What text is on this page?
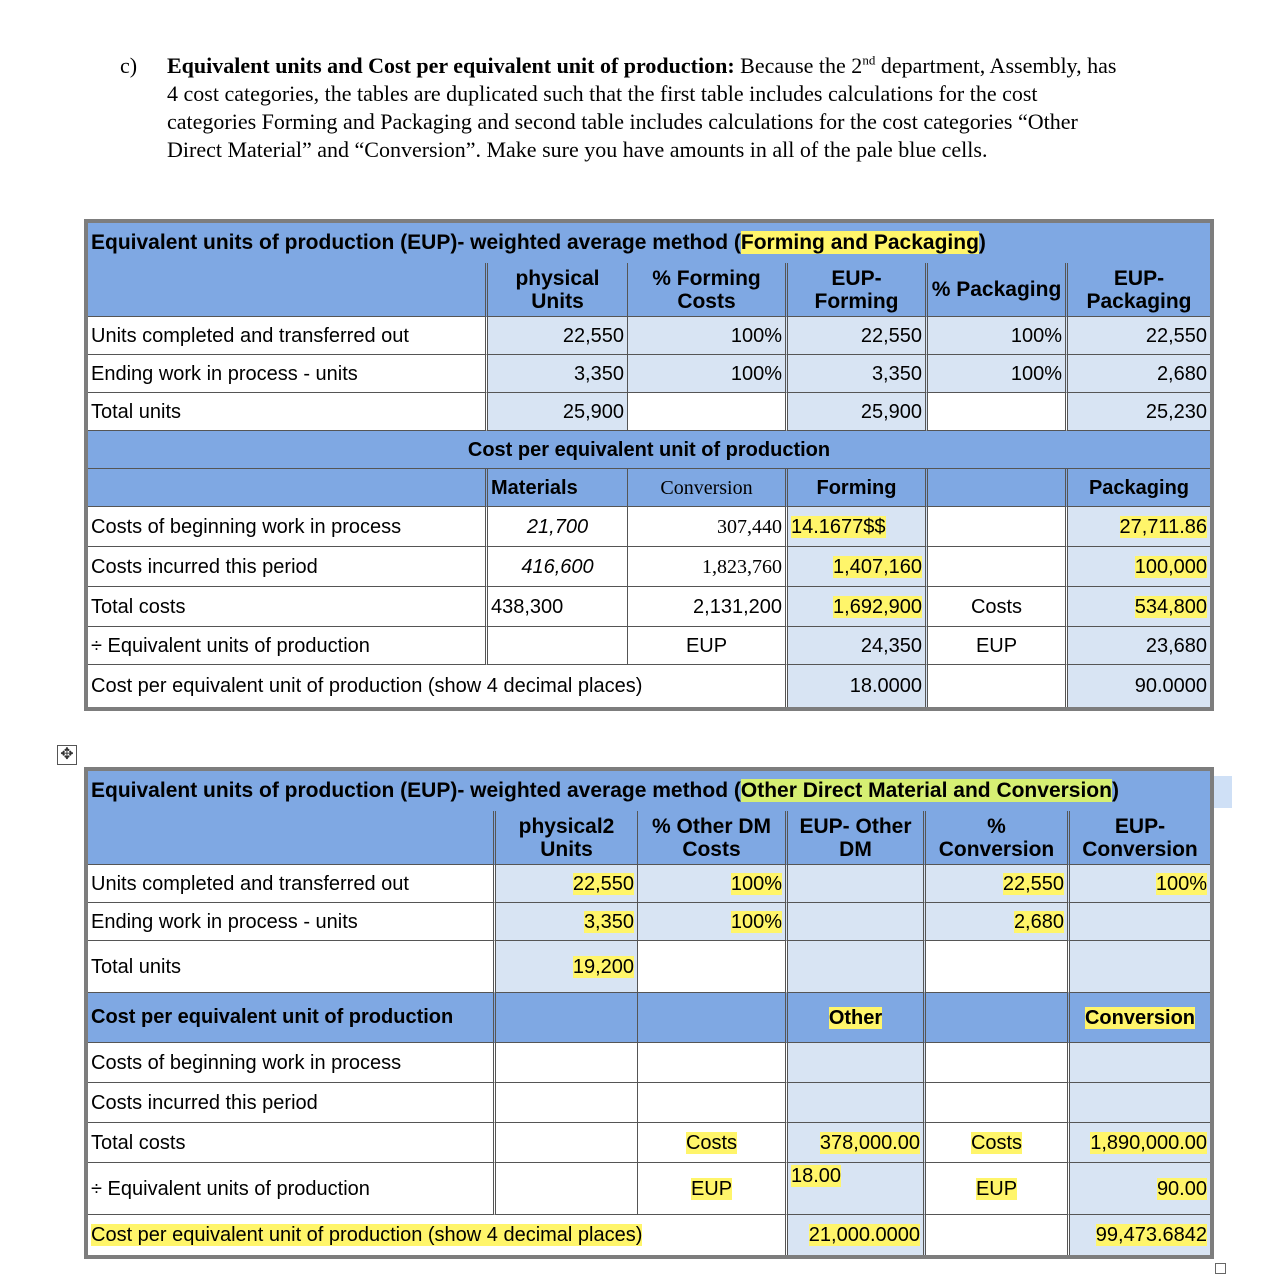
c) Equivalent units and Cost per equivalent unit of production: Because the 2nd department, Assembly, has 4 cost categories, the tables are duplicated such that the first table includes calculations for the cost categories Forming and Packaging and second table includes calculations for the cost categories “Other Direct Material” and “Conversion”. Make sure you have amounts in all of the pale blue cells.
Equivalent units of production (EUP)- weighted average method (Forming and Packaging)					
	physical Units	% Forming Costs	EUP- Forming	% Packaging	EUP- Packaging
Units completed and transferred out	22,550	100%	22,550	100%	22,550
Ending work in process - units	3,350	100%	3,350	100%	2,680
Total units	25,900		25,900		25,230
Cost per equivalent unit of production					
	Materials	Conversion	Forming		Packaging
Costs of beginning work in process	21,700	307,440	14.1677$$		27,711.86
Costs incurred this period	416,600	1,823,760	1,407,160		100,000
Total costs	438,300	2,131,200	1,692,900	Costs	534,800
÷ Equivalent units of production		EUP	24,350	EUP	23,680
Cost per equivalent unit of production (show 4 decimal places)			18.0000		90.0000
✥
Equivalent units of production (EUP)- weighted average method (Other Direct Material and Conversion)					
	physical2 Units	% Other DM Costs	EUP- Other DM	% Conversion	EUP- Conversion
Units completed and transferred out	22,550	100%		22,550	100%
Ending work in process - units	3,350	100%		2,680	
Total units	19,200				
Cost per equivalent unit of production			Other		Conversion
Costs of beginning work in process					
Costs incurred this period					
Total costs		Costs	378,000.00	Costs	1,890,000.00
÷ Equivalent units of production		EUP	18.00	EUP	90.00
Cost per equivalent unit of production (show 4 decimal places)			21,000.0000		99,473.6842
